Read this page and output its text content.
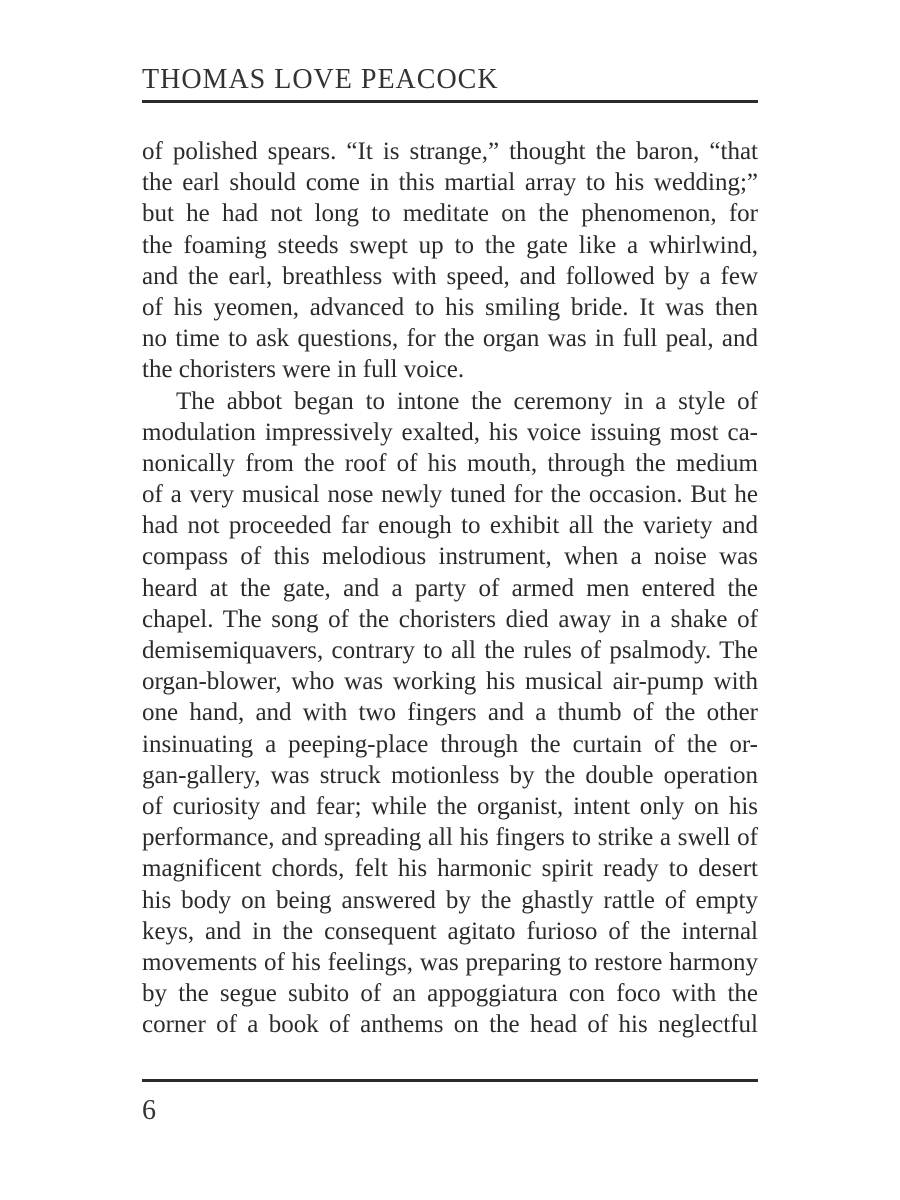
THOMAS LOVE PEACOCK
of polished spears. “It is strange,” thought the baron, “that
the earl should come in this martial array to his wedding;”
but he had not long to meditate on the phenomenon, for
the foaming steeds swept up to the gate like a whirlwind,
and the earl, breathless with speed, and followed by a few
of his yeomen, advanced to his smiling bride. It was then
no time to ask questions, for the organ was in full peal, and
the choristers were in full voice.
The abbot began to intone the ceremony in a style of
modulation impressively exalted, his voice issuing most ca-
nonically from the roof of his mouth, through the medium
of a very musical nose newly tuned for the occasion. But he
had not proceeded far enough to exhibit all the variety and
compass of this melodious instrument, when a noise was
heard at the gate, and a party of armed men entered the
chapel. The song of the choristers died away in a shake of
demisemiquavers, contrary to all the rules of psalmody. The
organ-blower, who was working his musical air-pump with
one hand, and with two fingers and a thumb of the other
insinuating a peeping-place through the curtain of the or-
gan-gallery, was struck motionless by the double operation
of curiosity and fear; while the organist, intent only on his
performance, and spreading all his fingers to strike a swell of
magnificent chords, felt his harmonic spirit ready to desert
his body on being answered by the ghastly rattle of empty
keys, and in the consequent agitato furioso of the internal
movements of his feelings, was preparing to restore harmony
by the segue subito of an appoggiatura con foco with the
corner of a book of anthems on the head of his neglectful
6
